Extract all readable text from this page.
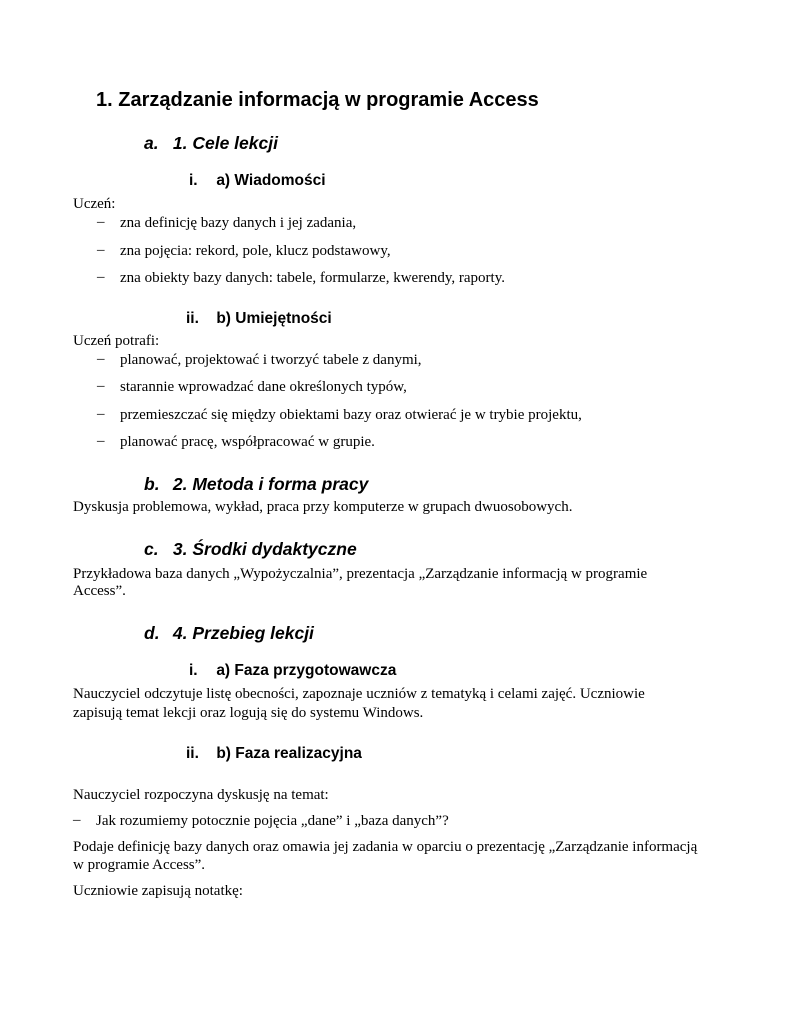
1. Zarządzanie informacją w programie Access
a. 1. Cele lekcji
i. a) Wiadomości
Uczeń:
– zna definicję bazy danych i jej zadania,
– zna pojęcia: rekord, pole, klucz podstawowy,
– zna obiekty bazy danych: tabele, formularze, kwerendy, raporty.
ii. b) Umiejętności
Uczeń potrafi:
– planować, projektować i tworzyć tabele z danymi,
– starannie wprowadzać dane określonych typów,
– przemieszczać się między obiektami bazy oraz otwierać je w trybie projektu,
– planować pracę, współpracować w grupie.
b. 2. Metoda i forma pracy
Dyskusja problemowa, wykład, praca przy komputerze w grupach dwuosobowych.
c. 3. Środki dydaktyczne
Przykładowa baza danych „Wypożyczalnia”, prezentacja „Zarządzanie informacją w programie
Access”.
d. 4. Przebieg lekcji
i. a) Faza przygotowawcza
Nauczyciel odczytuje listę obecności, zapoznaje uczniów z tematyką i celami zajęć. Uczniowie
zapisują temat lekcji oraz logują się do systemu Windows.
ii. b) Faza realizacyjna
Nauczyciel rozpoczyna dyskusję na temat:
– Jak rozumiemy potocznie pojęcia „dane” i „baza danych”?
Podaje definicję bazy danych oraz omawia jej zadania w oparciu o prezentację „Zarządzanie informacją
w programie Access”.
Uczniowie zapisują notatkę:
